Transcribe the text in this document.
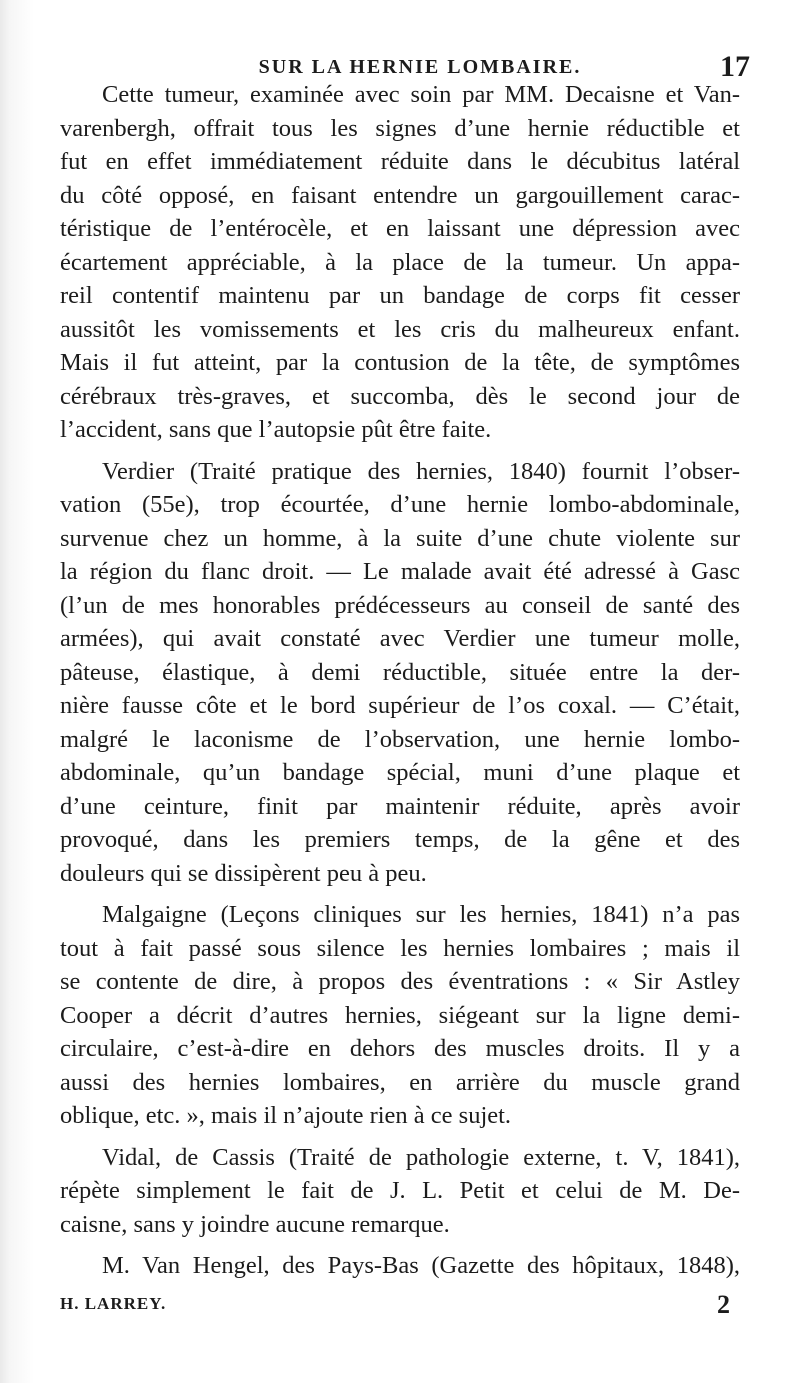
SUR LA HERNIE LOMBAIRE.	17
Cette tumeur, examinée avec soin par MM. Decaisne et Van-
varenbergh, offrait tous les signes d’une hernie réductible et
fut en effet immédiatement réduite dans le décubitus latéral
du côté opposé, en faisant entendre un gargouillement carac-
téristique de l’entérocèle, et en laissant une dépression avec
écartement appréciable, à la place de la tumeur. Un appa-
reil contentif maintenu par un bandage de corps fit cesser
aussitôt les vomissements et les cris du malheureux enfant.
Mais il fut atteint, par la contusion de la tête, de symptômes
cérébraux très-graves, et succomba, dès le second jour de
l’accident, sans que l’autopsie pût être faite.
Verdier (Traité pratique des hernies, 1840) fournit l’obser-
vation (55e), trop écourtée, d’une hernie lombo-abdominale,
survenue chez un homme, à la suite d’une chute violente sur
la région du flanc droit. — Le malade avait été adressé à Gasc
(l’un de mes honorables prédécesseurs au conseil de santé des
armées), qui avait constaté avec Verdier une tumeur molle,
pâteuse, élastique, à demi réductible, située entre la der-
nière fausse côte et le bord supérieur de l’os coxal. — C’était,
malgré le laconisme de l’observation, une hernie lombo-
abdominale, qu’un bandage spécial, muni d’une plaque et
d’une ceinture, finit par maintenir réduite, après avoir
provoqué, dans les premiers temps, de la gêne et des
douleurs qui se dissipèrent peu à peu.
Malgaigne (Leçons cliniques sur les hernies, 1841) n’a pas
tout à fait passé sous silence les hernies lombaires ; mais il
se contente de dire, à propos des éventrations : « Sir Astley
Cooper a décrit d’autres hernies, siégeant sur la ligne demi-
circulaire, c’est-à-dire en dehors des muscles droits. Il y a
aussi des hernies lombaires, en arrière du muscle grand
oblique, etc. », mais il n’ajoute rien à ce sujet.
Vidal, de Cassis (Traité de pathologie externe, t. V, 1841),
répète simplement le fait de J. L. Petit et celui de M. De-
caisne, sans y joindre aucune remarque.
M. Van Hengel, des Pays-Bas (Gazette des hôpitaux, 1848),
H. LARREY.	2
